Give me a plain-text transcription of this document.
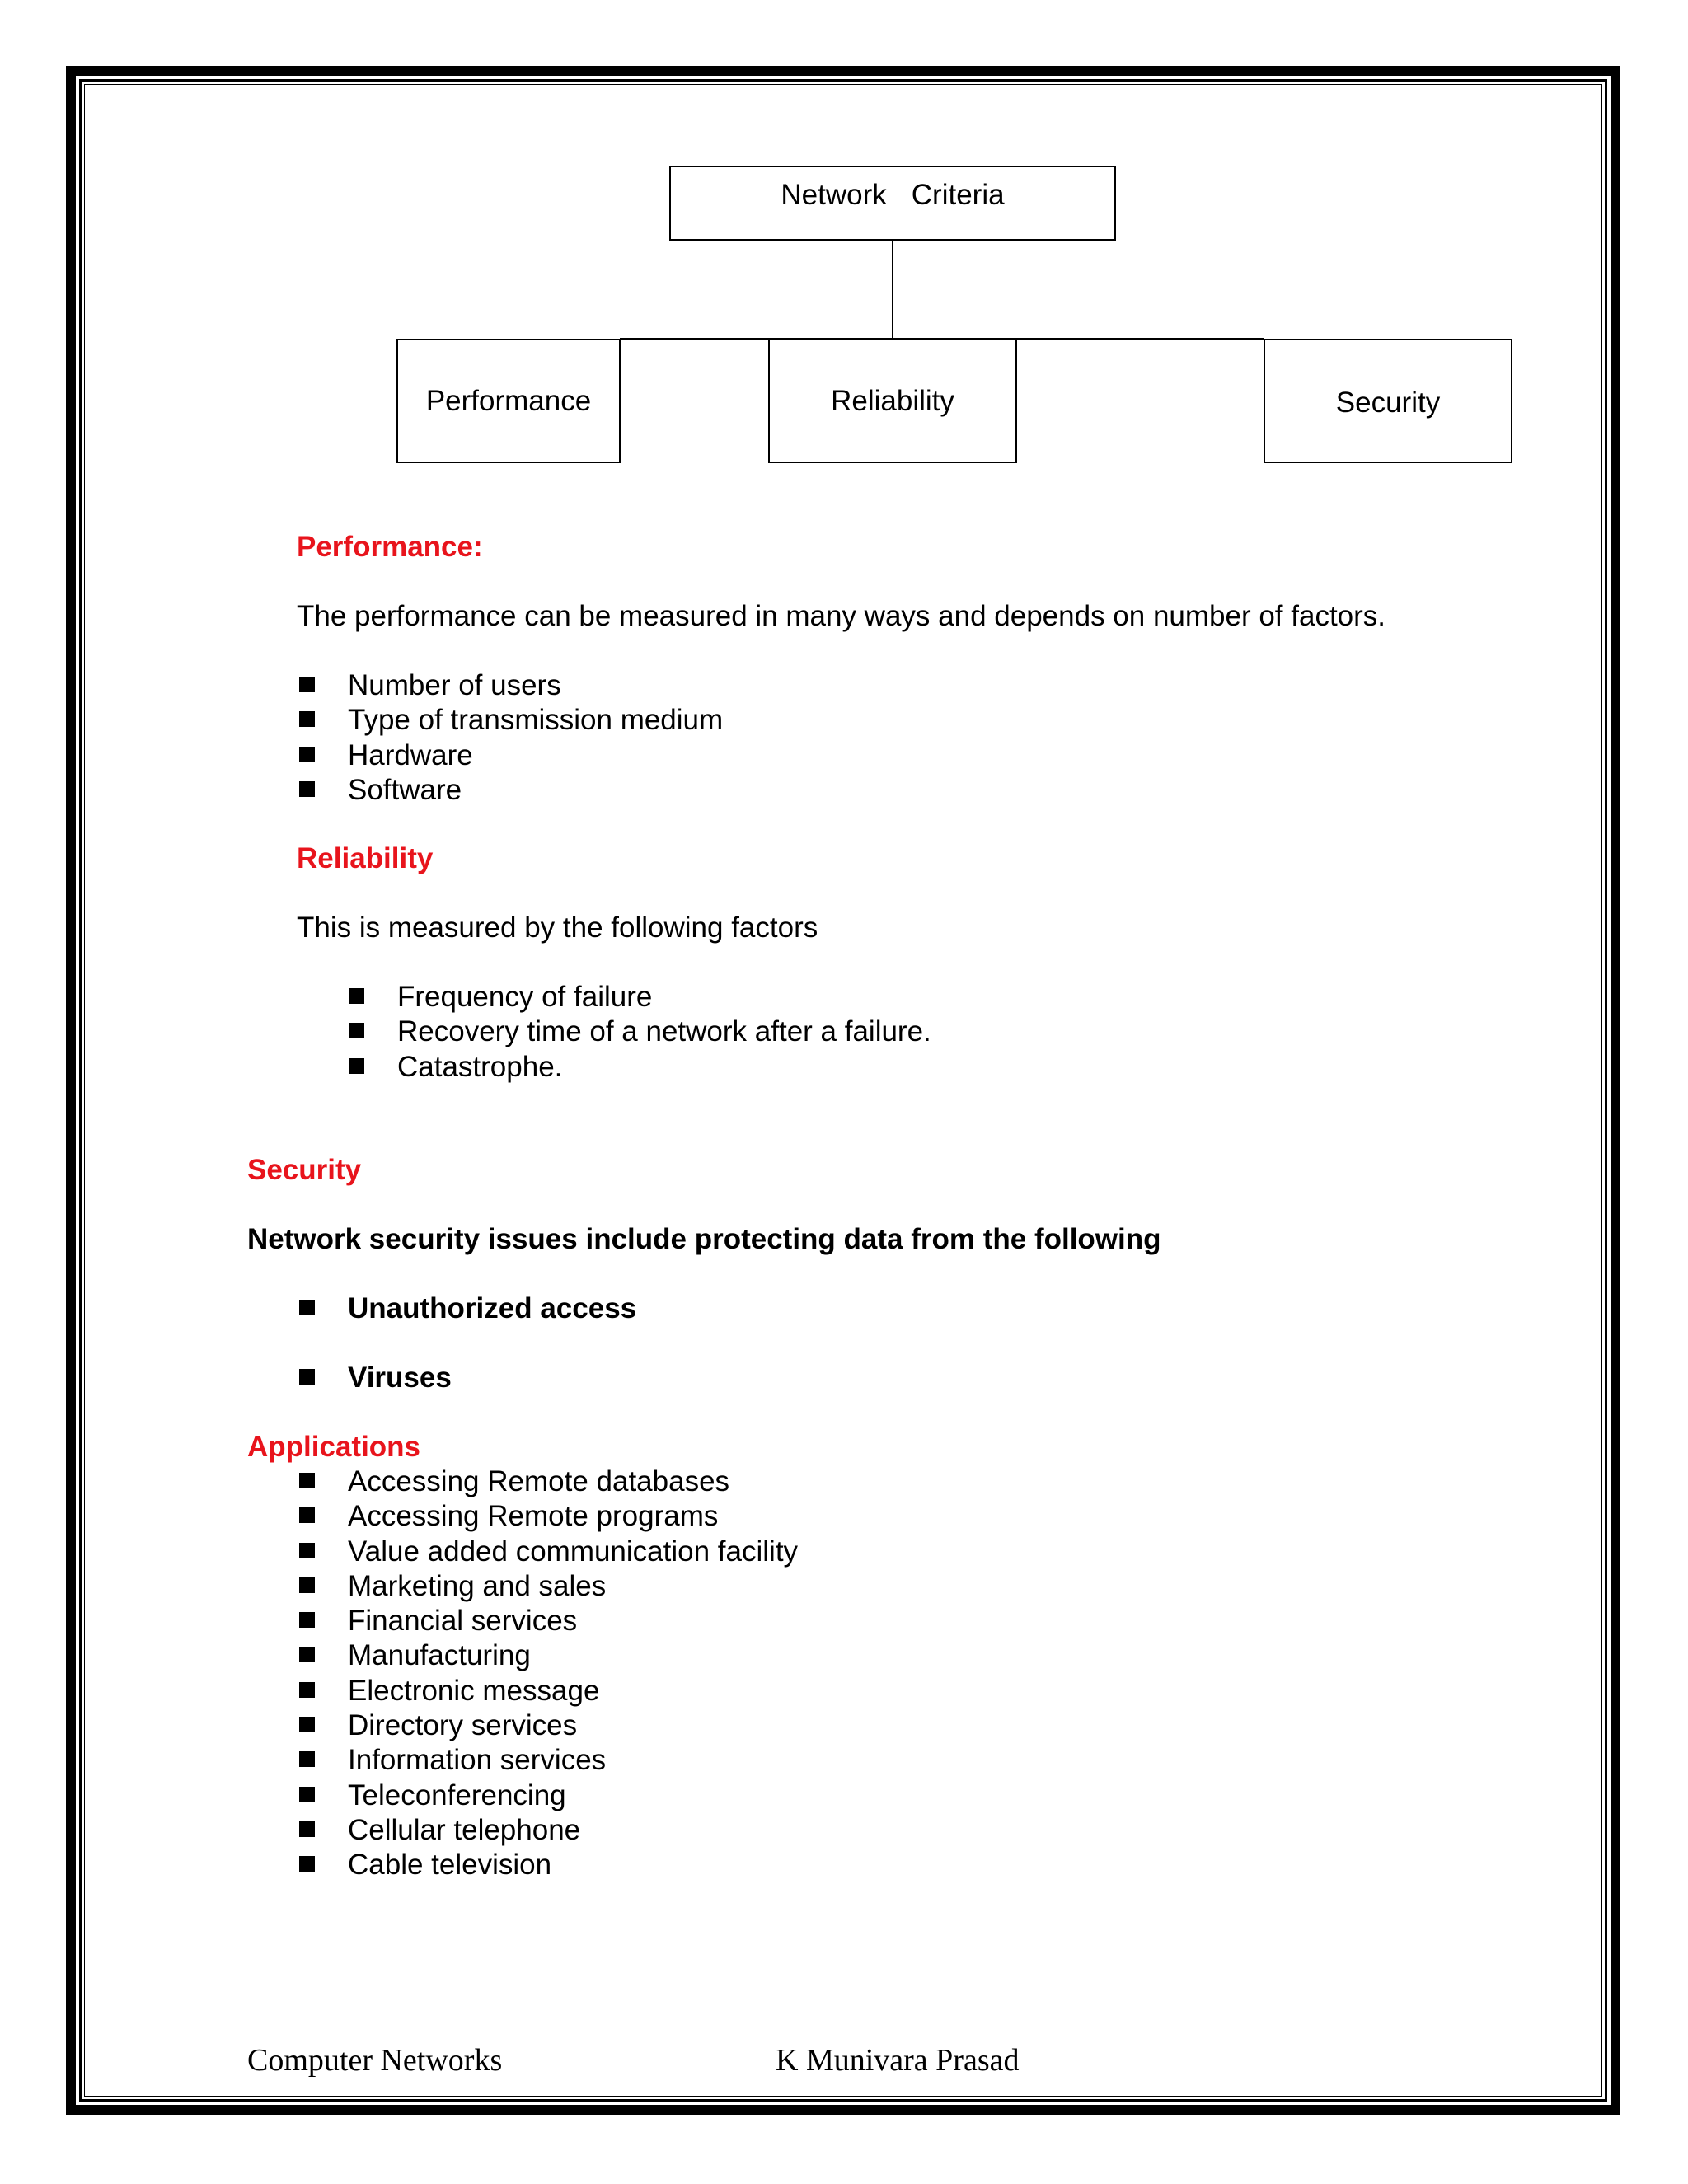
Network Criteria
Performance	Reliability	Security
Performance:
The performance can be measured in many ways and depends on number of factors.
Number of users
Type of transmission medium
Hardware
Software
Reliability
This is measured by the following factors
Frequency of failure
Recovery time of a network after a failure.
Catastrophe.
Security
Network security issues include protecting data from the following
Unauthorized access
Viruses
Applications
Accessing Remote databases
Accessing Remote programs
Value added communication facility
Marketing and sales
Financial services
Manufacturing
Electronic message
Directory services
Information services
Teleconferencing
Cellular telephone
Cable television
Computer Networks	K Munivara Prasad
